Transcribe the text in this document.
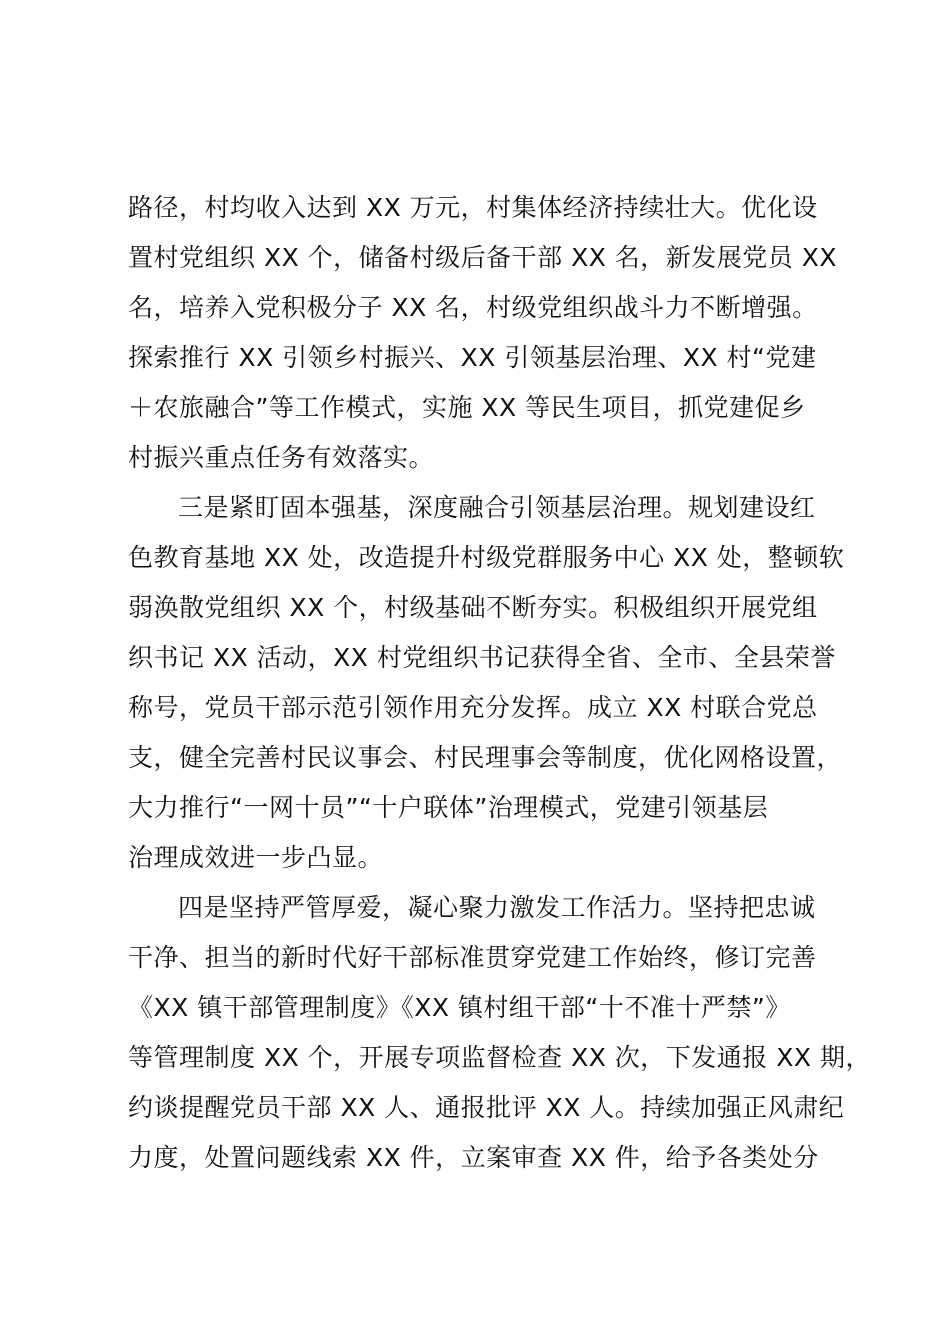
路径，村均收入达到 XX 万元，村集体经济持续壮大。优化设
置村党组织 XX 个，储备村级后备干部 XX 名，新发展党员 XX
名，培养入党积极分子 XX 名，村级党组织战斗力不断增强。
探索推行 XX 引领乡村振兴、XX 引领基层治理、XX 村“党建
＋农旅融合”等工作模式，实施 XX 等民生项目，抓党建促乡
村振兴重点任务有效落实。
三是紧盯固本强基，深度融合引领基层治理。规划建设红
色教育基地 XX 处，改造提升村级党群服务中心 XX 处，整顿软
弱涣散党组织 XX 个，村级基础不断夯实。积极组织开展党组
织书记 XX 活动，XX 村党组织书记获得全省、全市、全县荣誉
称号，党员干部示范引领作用充分发挥。成立 XX 村联合党总
支，健全完善村民议事会、村民理事会等制度，优化网格设置，
大力推行“一网十员”“十户联体”治理模式，党建引领基层
治理成效进一步凸显。
四是坚持严管厚爱，凝心聚力激发工作活力。坚持把忠诚
干净、担当的新时代好干部标准贯穿党建工作始终，修订完善
《XX 镇干部管理制度》《XX 镇村组干部“十不准十严禁”》
等管理制度 XX 个，开展专项监督检查 XX 次，下发通报 XX 期，
约谈提醒党员干部 XX 人、通报批评 XX 人。持续加强正风肃纪
力度，处置问题线索 XX 件，立案审查 XX 件，给予各类处分
